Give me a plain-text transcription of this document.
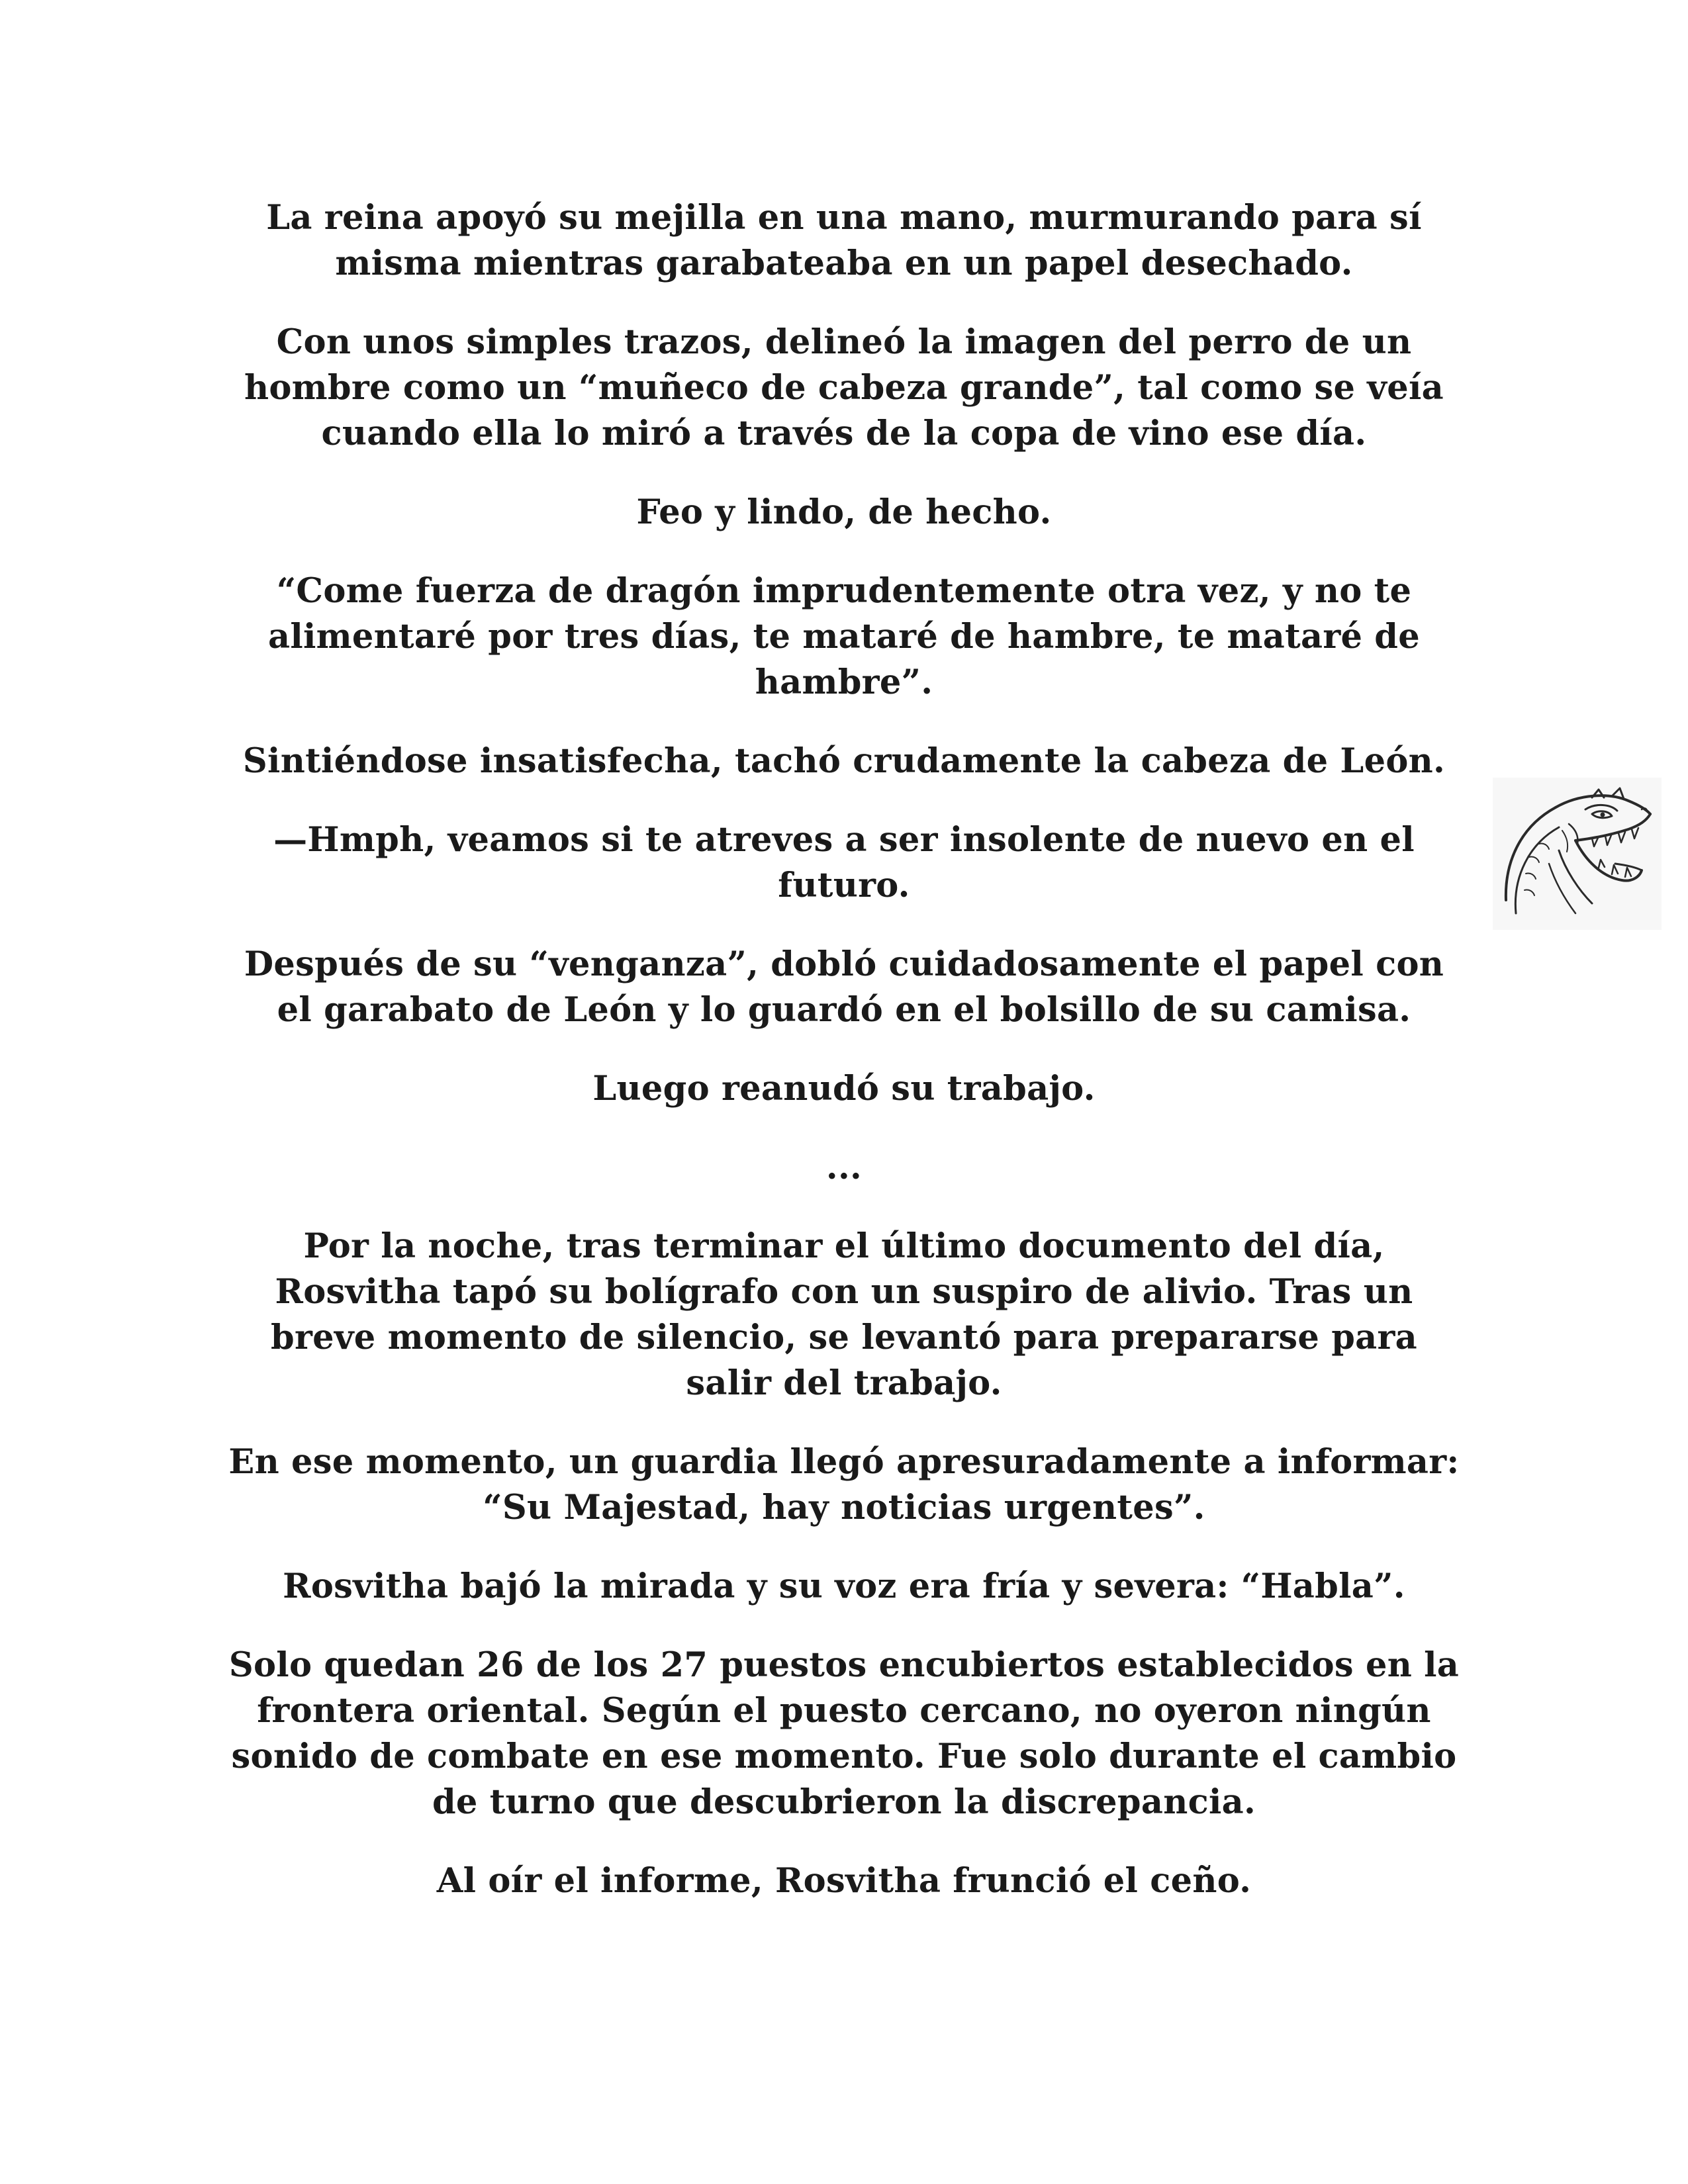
La reina apoyó su mejilla en una mano, murmurando para sí misma mientras garabateaba en un papel desechado.

Con unos simples trazos, delineó la imagen del perro de un hombre como un “muñeco de cabeza grande”, tal como se veía cuando ella lo miró a través de la copa de vino ese día.

Feo y lindo, de hecho.

“Come fuerza de dragón imprudentemente otra vez, y no te alimentaré por tres días, te mataré de hambre, te mataré de hambre”.

Sintiéndose insatisfecha, tachó crudamente la cabeza de León.

—Hmph, veamos si te atreves a ser insolente de nuevo en el futuro.

Después de su “venganza”, dobló cuidadosamente el papel con el garabato de León y lo guardó en el bolsillo de su camisa.

Luego reanudó su trabajo.

...

Por la noche, tras terminar el último documento del día, Rosvitha tapó su bolígrafo con un suspiro de alivio. Tras un breve momento de silencio, se levantó para prepararse para salir del trabajo.

En ese momento, un guardia llegó apresuradamente a informar: “Su Majestad, hay noticias urgentes”.

Rosvitha bajó la mirada y su voz era fría y severa: “Habla”.

Solo quedan 26 de los 27 puestos encubiertos establecidos en la frontera oriental. Según el puesto cercano, no oyeron ningún sonido de combate en ese momento. Fue solo durante el cambio de turno que descubrieron la discrepancia.

Al oír el informe, Rosvitha frunció el ceño.
